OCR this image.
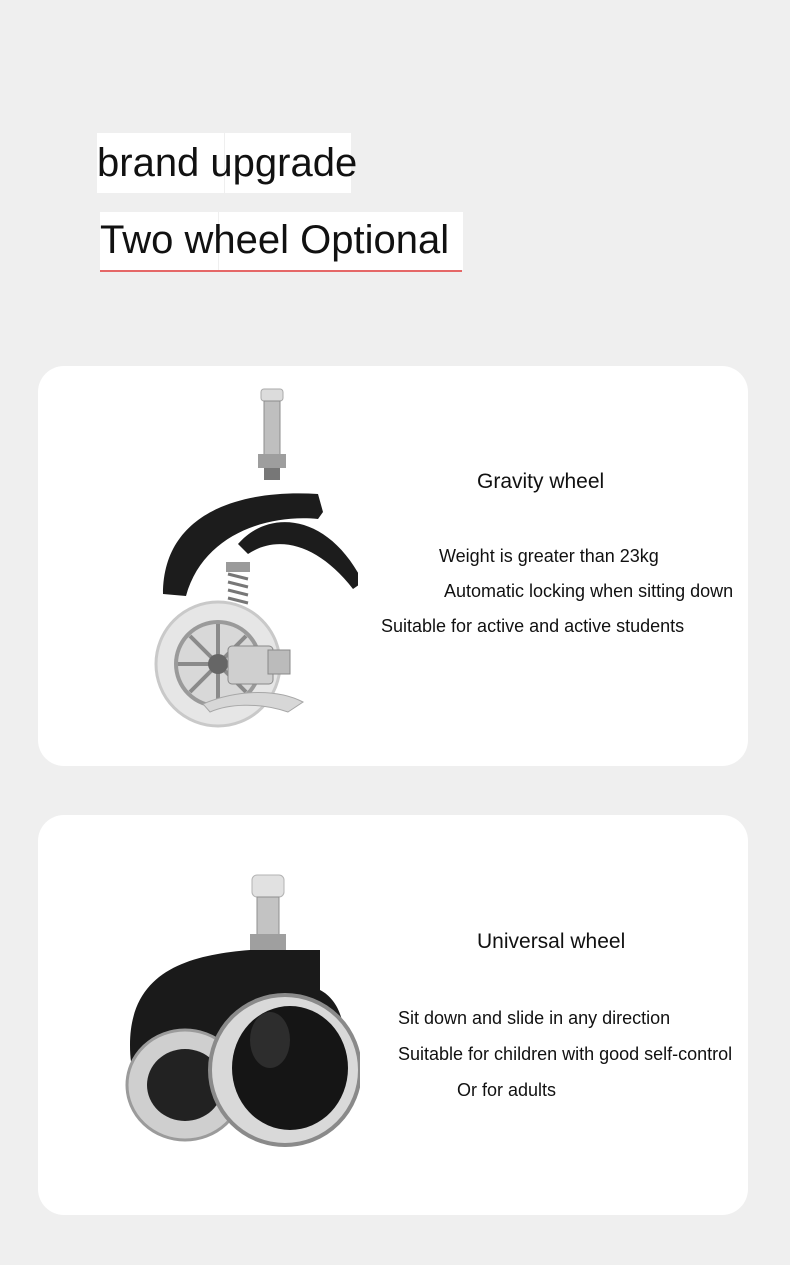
brand upgrade
Two wheel Optional
Gravity wheel
Weight is greater than 23kg
Automatic locking when sitting down
Suitable for active and active students
Universal wheel
Sit down and slide in any direction
Suitable for children with good self-control
Or for adults
